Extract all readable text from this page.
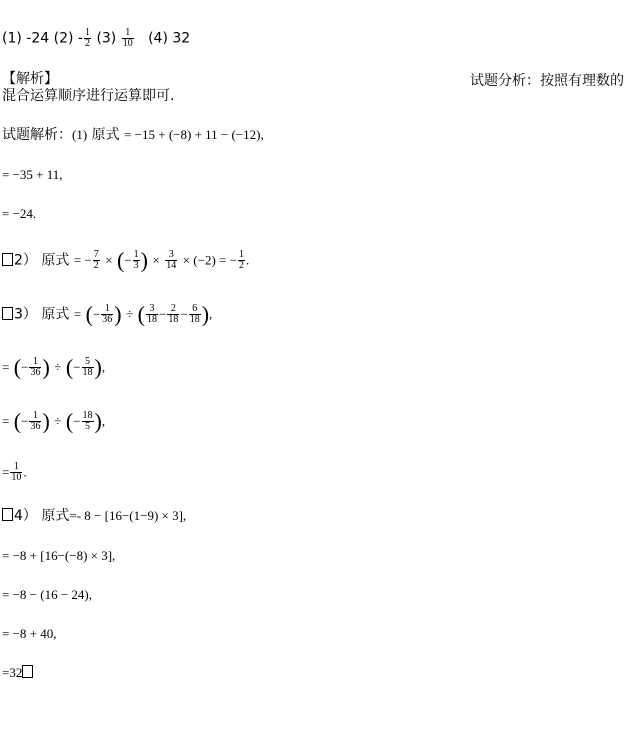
(1) -24 $(2) - \frac{1}{2} (3) \frac{1}{10} (4)$ 32
【解析】	试题分析：按照有理数的
混合运算顺序进行运算即可.
试题解析：(1) 原式 = −15 + (−8) + 11 − (−12),
= −35 + 11,
= −24.
2） 原式 = − $\frac{7}{2}$ × (− $\frac{1}{3}$ ) × $\frac{3}{14} \times (-2)$ = − $\frac{1}{2}$ .
3） 原式 = (− $\frac{1}{36}$ ) ÷ ( $\frac{3}{18} - \frac{2}{18} - \frac{6}{18}$ ),
= (− $\frac{1}{36}$ ) ÷ (− $\frac{5}{18}$ ),
= (− $\frac{1}{36}$ ) ÷ (− $\frac{18}{5}$ ),
= $\frac{1}{10}$ .
4） 原式=- 8 − [16−(1−9) × 3],
= −8 + [16−(−8) × 3],
= −8 − (16 − 24),
= −8 + 40,
=32
